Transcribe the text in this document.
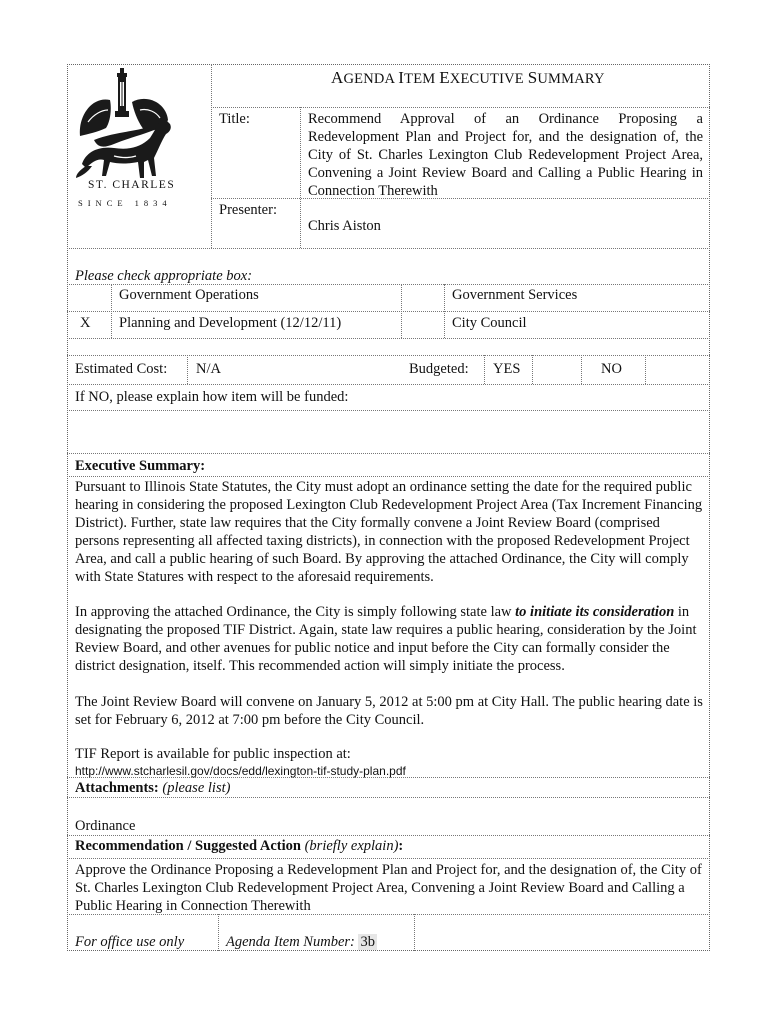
ST. CHARLES
SINCE 1834
AGENDA ITEM EXECUTIVE SUMMARY
Title:	Recommend Approval of an Ordinance Proposing a Redevelopment Plan and Project for, and the designation of, the City of St. Charles Lexington Club Redevelopment Project Area, Convening a Joint Review Board and Calling a Public Hearing in Connection Therewith
Presenter:
Chris Aiston
Please check appropriate box:
Government Operations	Government Services
X Planning and Development (12/12/11)	City Council
Estimated Cost: N/A	Budgeted: YES	NO
If NO, please explain how item will be funded:
Executive Summary:
Pursuant to Illinois State Statutes, the City must adopt an ordinance setting the date for the required public hearing in considering the proposed Lexington Club Redevelopment Project Area (Tax Increment Financing District). Further, state law requires that the City formally convene a Joint Review Board (comprised persons representing all affected taxing districts), in connection with the proposed Redevelopment Project Area, and call a public hearing of such Board. By approving the attached Ordinance, the City will comply with State Statures with respect to the aforesaid requirements.
In approving the attached Ordinance, the City is simply following state law to initiate its consideration in designating the proposed TIF District. Again, state law requires a public hearing, consideration by the Joint Review Board, and other avenues for public notice and input before the City can formally consider the district designation, itself. This recommended action will simply initiate the process.
The Joint Review Board will convene on January 5, 2012 at 5:00 pm at City Hall. The public hearing date is set for February 6, 2012 at 7:00 pm before the City Council.
TIF Report is available for public inspection at:
http://www.stcharlesil.gov/docs/edd/lexington-tif-study-plan.pdf
Attachments: (please list)
Ordinance
Recommendation / Suggested Action (briefly explain):
Approve the Ordinance Proposing a Redevelopment Plan and Project for, and the designation of, the City of St. Charles Lexington Club Redevelopment Project Area, Convening a Joint Review Board and Calling a Public Hearing in Connection Therewith
For office use only	Agenda Item Number: 3b
